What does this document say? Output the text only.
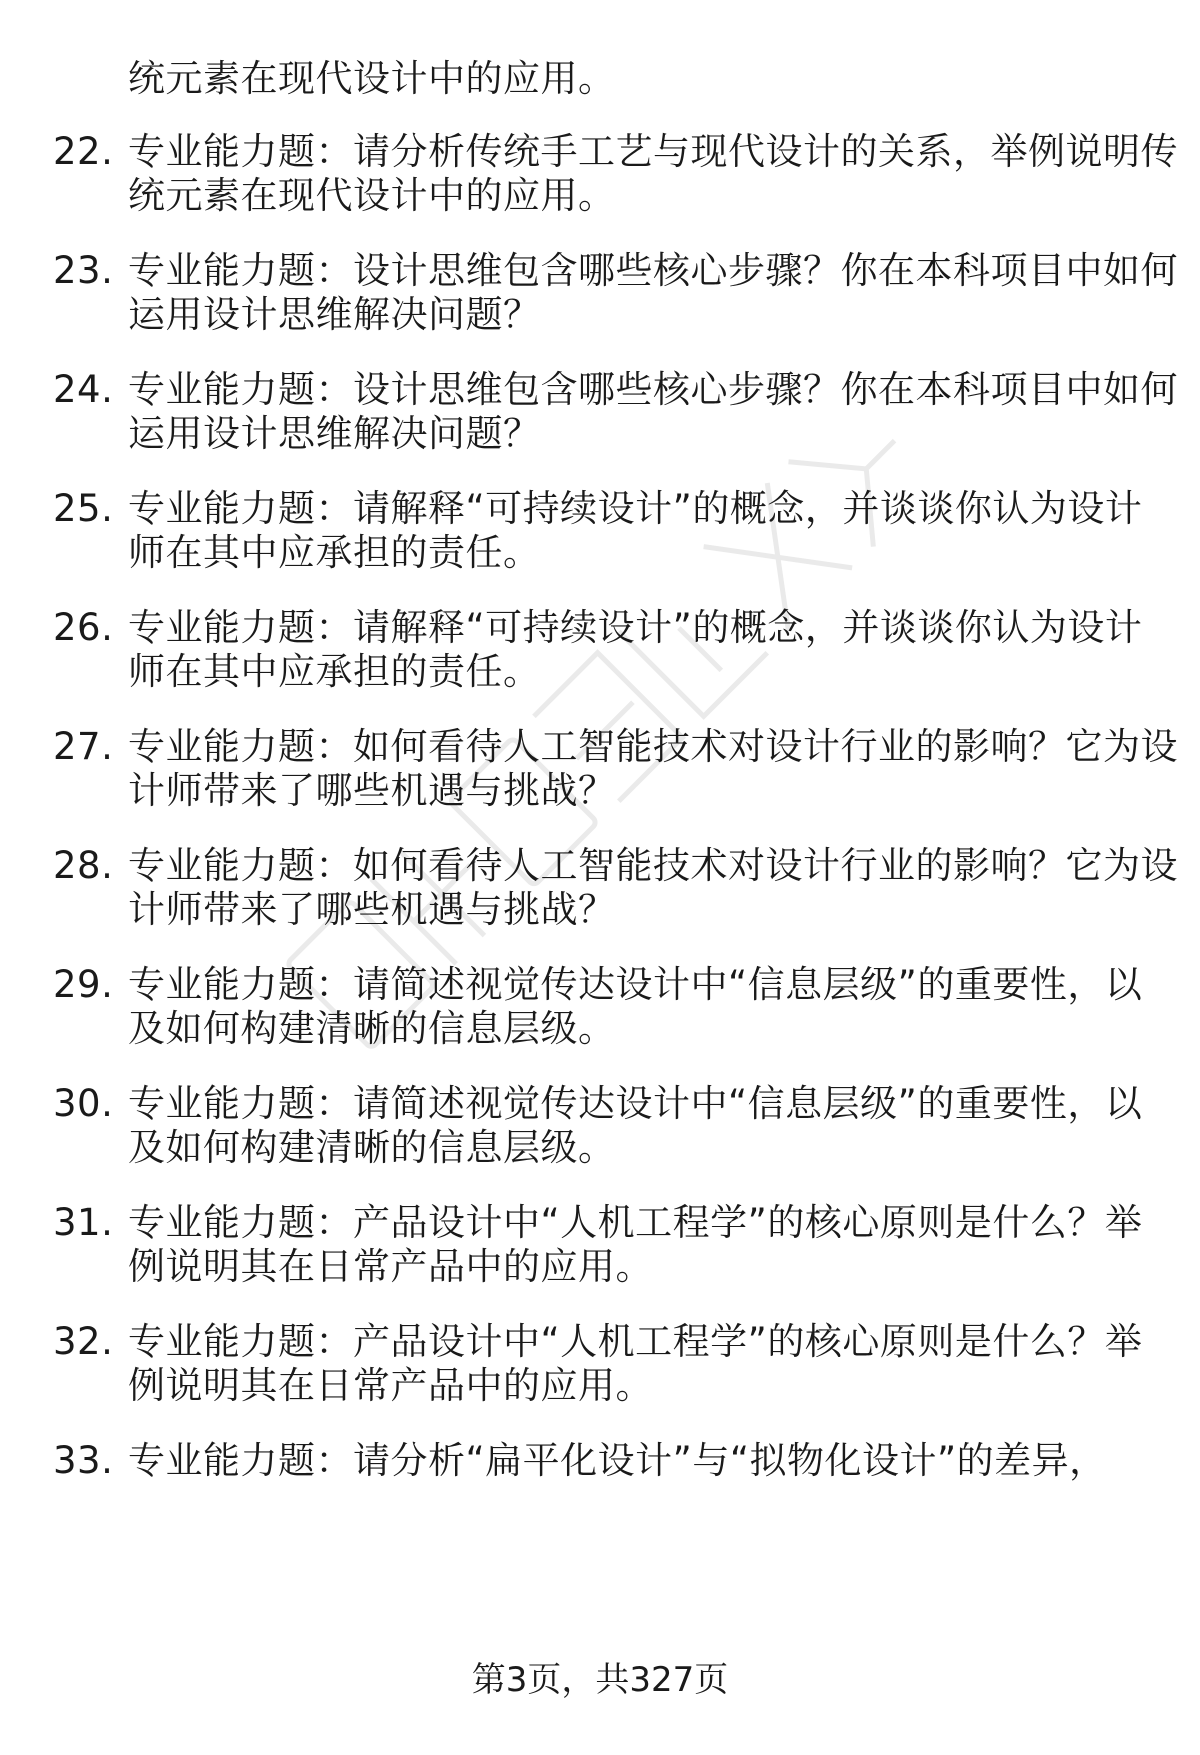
统元素在现代设计中的应用。
22. 专业能力题：请分析传统手工艺与现代设计的关系，举例说明传
统元素在现代设计中的应用。
23. 专业能力题：设计思维包含哪些核心步骤？你在本科项目中如何
运用设计思维解决问题？
24. 专业能力题：设计思维包含哪些核心步骤？你在本科项目中如何
运用设计思维解决问题？
25. 专业能力题：请解释“可持续设计”的概念，并谈谈你认为设计
师在其中应承担的责任。
26. 专业能力题：请解释“可持续设计”的概念，并谈谈你认为设计
师在其中应承担的责任。
27. 专业能力题：如何看待人工智能技术对设计行业的影响？它为设
计师带来了哪些机遇与挑战？
28. 专业能力题：如何看待人工智能技术对设计行业的影响？它为设
计师带来了哪些机遇与挑战？
29. 专业能力题：请简述视觉传达设计中“信息层级”的重要性，以
及如何构建清晰的信息层级。
30. 专业能力题：请简述视觉传达设计中“信息层级”的重要性，以
及如何构建清晰的信息层级。
31. 专业能力题：产品设计中“人机工程学”的核心原则是什么？举
例说明其在日常产品中的应用。
32. 专业能力题：产品设计中“人机工程学”的核心原则是什么？举
例说明其在日常产品中的应用。
33. 专业能力题：请分析“扁平化设计”与“拟物化设计”的差异，
第3页，共327页
